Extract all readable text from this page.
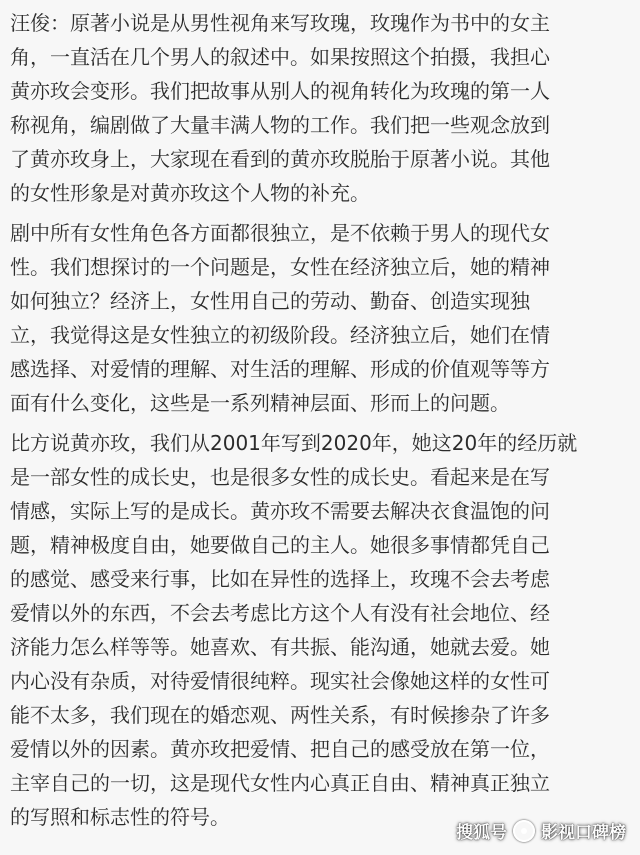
汪俊：原著小说是从男性视角来写玫瑰，玫瑰作为书中的女主
角，一直活在几个男人的叙述中。如果按照这个拍摄，我担心
黄亦玫会变形。我们把故事从别人的视角转化为玫瑰的第一人
称视角，编剧做了大量丰满人物的工作。我们把一些观念放到
了黄亦玫身上，大家现在看到的黄亦玫脱胎于原著小说。其他
的女性形象是对黄亦玫这个人物的补充。
剧中所有女性角色各方面都很独立，是不依赖于男人的现代女
性。我们想探讨的一个问题是，女性在经济独立后，她的精神
如何独立？经济上，女性用自己的劳动、勤奋、创造实现独
立，我觉得这是女性独立的初级阶段。经济独立后，她们在情
感选择、对爱情的理解、对生活的理解、形成的价值观等等方
面有什么变化，这些是一系列精神层面、形而上的问题。
比方说黄亦玫，我们从2001年写到2020年，她这20年的经历就
是一部女性的成长史，也是很多女性的成长史。看起来是在写
情感，实际上写的是成长。黄亦玫不需要去解决衣食温饱的问
题，精神极度自由，她要做自己的主人。她很多事情都凭自己
的感觉、感受来行事，比如在异性的选择上，玫瑰不会去考虑
爱情以外的东西，不会去考虑比方这个人有没有社会地位、经
济能力怎么样等等。她喜欢、有共振、能沟通，她就去爱。她
内心没有杂质，对待爱情很纯粹。现实社会像她这样的女性可
能不太多，我们现在的婚恋观、两性关系，有时候掺杂了许多
爱情以外的因素。黄亦玫把爱情、把自己的感受放在第一位，
主宰自己的一切，这是现代女性内心真正自由、精神真正独立
的写照和标志性的符号。
搜狐号 影视口碑榜
